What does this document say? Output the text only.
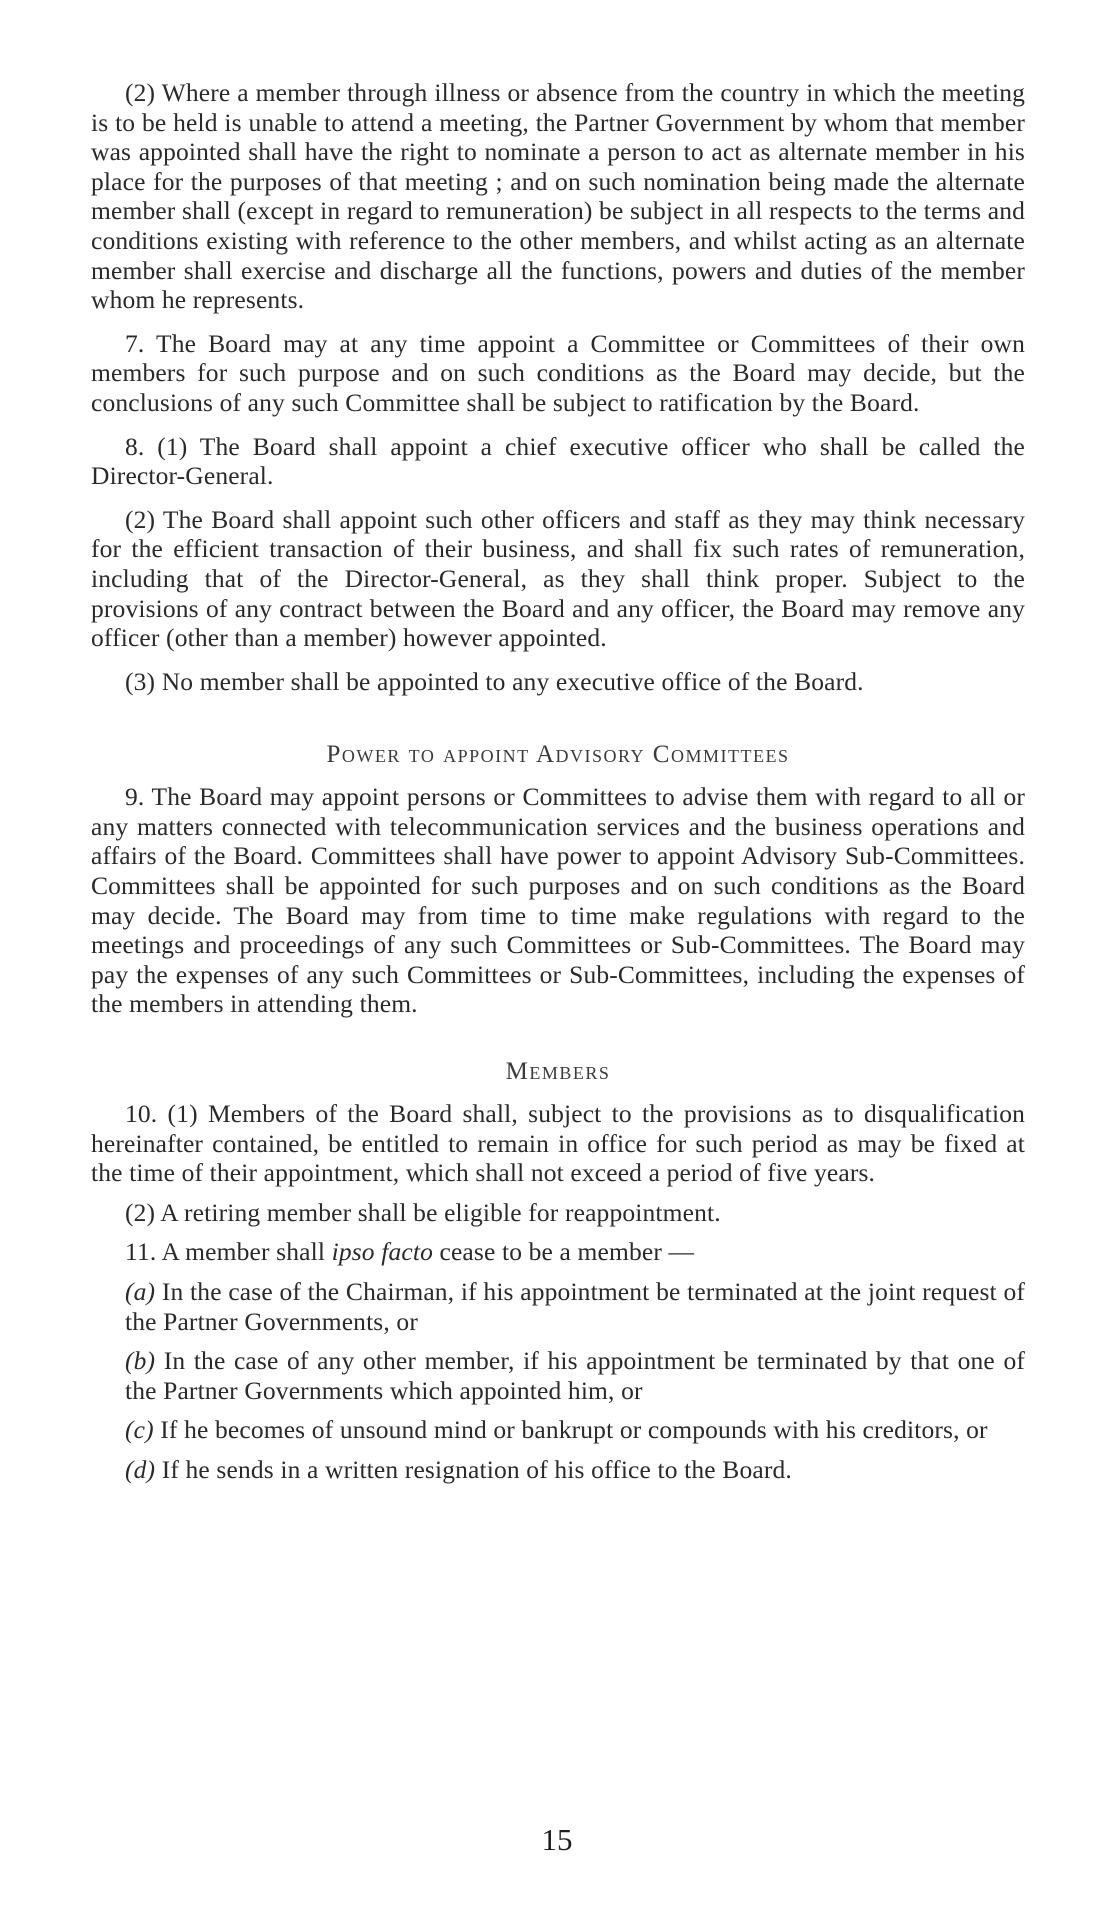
(2) Where a member through illness or absence from the country in which the meeting is to be held is unable to attend a meeting, the Partner Government by whom that member was appointed shall have the right to nominate a person to act as alternate member in his place for the purposes of that meeting ; and on such nomination being made the alternate member shall (except in regard to remuneration) be subject in all respects to the terms and conditions existing with reference to the other members, and whilst acting as an alternate member shall exercise and discharge all the functions, powers and duties of the member whom he represents.

7. The Board may at any time appoint a Committee or Committees of their own members for such purpose and on such conditions as the Board may decide, but the conclusions of any such Committee shall be subject to ratification by the Board.

8. (1) The Board shall appoint a chief executive officer who shall be called the Director-General.

(2) The Board shall appoint such other officers and staff as they may think necessary for the efficient transaction of their business, and shall fix such rates of remuneration, including that of the Director-General, as they shall think proper. Subject to the provisions of any contract between the Board and any officer, the Board may remove any officer (other than a member) however appointed.

(3) No member shall be appointed to any executive office of the Board.

Power to appoint Advisory Committees

9. The Board may appoint persons or Committees to advise them with regard to all or any matters connected with telecommunication services and the business operations and affairs of the Board. Committees shall have power to appoint Advisory Sub-Committees. Committees shall be appointed for such purposes and on such conditions as the Board may decide. The Board may from time to time make regulations with regard to the meetings and proceedings of any such Committees or Sub-Committees. The Board may pay the expenses of any such Committees or Sub-Committees, including the expenses of the members in attending them.

Members

10. (1) Members of the Board shall, subject to the provisions as to disqualification hereinafter contained, be entitled to remain in office for such period as may be fixed at the time of their appointment, which shall not exceed a period of five years.

(2) A retiring member shall be eligible for reappointment.

11. A member shall ipso facto cease to be a member —

(a) In the case of the Chairman, if his appointment be terminated at the joint request of the Partner Governments, or

(b) In the case of any other member, if his appointment be terminated by that one of the Partner Governments which appointed him, or

(c) If he becomes of unsound mind or bankrupt or compounds with his creditors, or

(d) If he sends in a written resignation of his office to the Board.

15
